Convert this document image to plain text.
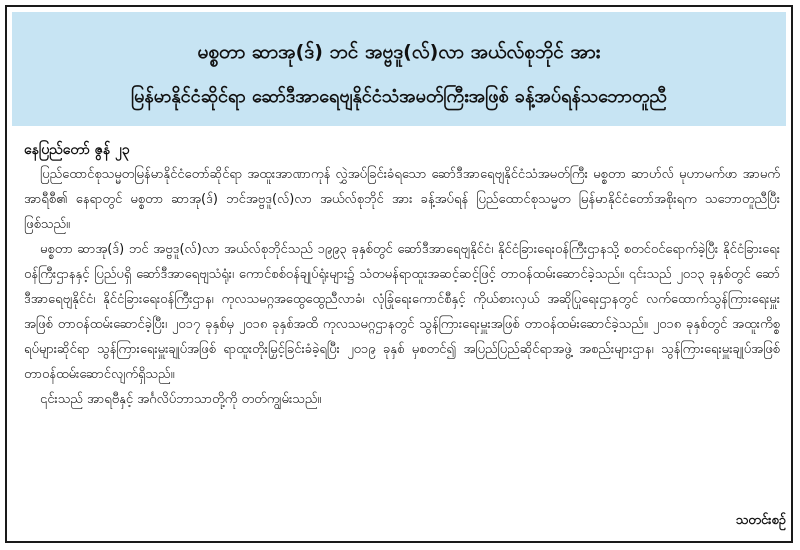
မစ္စတာ ဆာအု(ဒ်) ဘင် အဗ္ဗဒူ(လ်)လာ အယ်လ်စုဘိုင် အား

မြန်မာနိုင်ငံဆိုင်ရာ ဆော်ဒီအာရေဗျနိုင်ငံသံအမတ်ကြီးအဖြစ် ခန့်အပ်ရန်သဘောတူညီ

နေပြည်တော် ဇွန် ၂၃

ပြည်ထောင်စုသမ္မတမြန်မာနိုင်ငံတော်ဆိုင်ရာ အထူးအာဏာကုန် လွှဲအပ်ခြင်းခံရသော ဆော်ဒီအာရေဗျနိုင်ငံသံအမတ်ကြီး မစ္စတာ ဆာဟ်လ် မုဟာမက်ဖာ အာမက် အာရီစီ၏ နေရာတွင် မစ္စတာ ဆာအု(ဒ်) ဘင်အဗ္ဗဒူ(လ်)လာ အယ်လ်စုဘိုင် အား ခန့်အပ်ရန် ပြည်ထောင်စုသမ္မတ မြန်မာနိုင်ငံတော်အစိုးရက သဘောတူညီပြီးဖြစ်သည်။

မစ္စတာ ဆာအု(ဒ်) ဘင် အဗ္ဗဒူ(လ်)လာ အယ်လ်စုဘိုင်သည် ၁၉၉၃ ခုနှစ်တွင် ဆော်ဒီအာရေဗျနိုင်ငံ၊ နိုင်ငံခြားရေးဝန်ကြီးဌာနသို့ စတင်ဝင်ရောက်ခဲ့ပြီး နိုင်ငံခြားရေးဝန်ကြီးဌာနနှင့် ပြည်ပရှိ ဆော်ဒီအာရေဗျသံရုံး၊ ကောင်စစ်ဝန်ချုပ်ရုံးများ၌ သံတမန်ရာထူးအဆင့်ဆင့်ဖြင့် တာဝန်ထမ်းဆောင်ခဲ့သည်။ ၎င်းသည် ၂၀၁၃ ခုနှစ်တွင် ဆော်ဒီအာရေဗျနိုင်ငံ၊ နိုင်ငံခြားရေးဝန်ကြီးဌာန၊ ကုလသမဂ္ဂအထွေထွေညီလာခံ၊ လုံခြုံရေးကောင်စီနှင့် ကိုယ်စားလှယ် အဆိုပြုရေးဌာနတွင် လက်ထောက်သွန်ကြားရေးမှူးအဖြစ် တာဝန်ထမ်းဆောင်ခဲ့ပြီး၊ ၂၀၁၇ ခုနှစ်မှ ၂၀၁၈ ခုနှစ်အထိ ကုလသမဂ္ဂဌာနတွင် သွန်ကြားရေးမှူးအဖြစ် တာဝန်ထမ်းဆောင်ခဲ့သည်။ ၂၀၁၈ ခုနှစ်တွင် အထူးကိစ္စရပ်များဆိုင်ရာ သွန်ကြားရေးမှူးချုပ်အဖြစ် ရာထူးတိုးမြှင့်ခြင်းခံခဲ့ရပြီး ၂၀၁၉ ခုနှစ် မှစတင်၍ အပြည်ပြည်ဆိုင်ရာအဖွဲ့ အစည်းများဌာန၊ သွန်ကြားရေးမှူးချုပ်အဖြစ် တာဝန်ထမ်းဆောင်လျက်ရှိသည်။

၎င်းသည် အာရဗီနှင့် အင်္ဂလိပ်ဘာသာတို့ကို တတ်ကျွမ်းသည်။

သတင်းစဉ်
